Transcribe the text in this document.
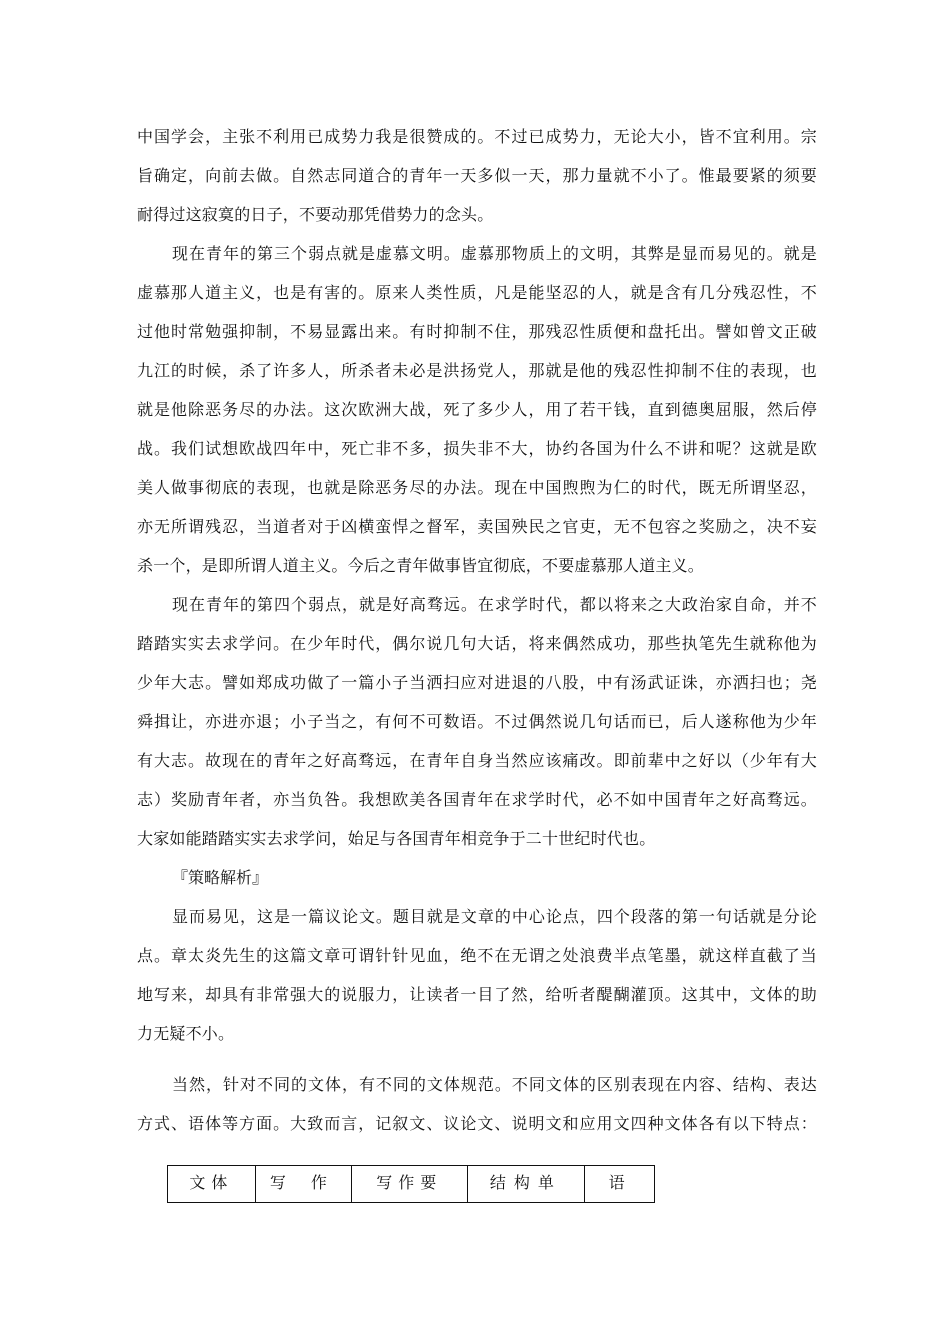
中国学会，主张不利用已成势力我是很赞成的。不过已成势力，无论大小，皆不宜利用。宗
旨确定，向前去做。自然志同道合的青年一天多似一天，那力量就不小了。惟最要紧的须要
耐得过这寂寞的日子，不要动那凭借势力的念头。
现在青年的第三个弱点就是虚慕文明。虚慕那物质上的文明，其弊是显而易见的。就是
虚慕那人道主义，也是有害的。原来人类性质，凡是能坚忍的人，就是含有几分残忍性，不
过他时常勉强抑制，不易显露出来。有时抑制不住，那残忍性质便和盘托出。譬如曾文正破
九江的时候，杀了许多人，所杀者未必是洪扬党人，那就是他的残忍性抑制不住的表现，也
就是他除恶务尽的办法。这次欧洲大战，死了多少人，用了若干钱，直到德奥屈服，然后停
战。我们试想欧战四年中，死亡非不多，损失非不大，协约各国为什么不讲和呢？这就是欧
美人做事彻底的表现，也就是除恶务尽的办法。现在中国煦煦为仁的时代，既无所谓坚忍，
亦无所谓残忍，当道者对于凶横蛮悍之督军，卖国殃民之官吏，无不包容之奖励之，决不妄
杀一个，是即所谓人道主义。今后之青年做事皆宜彻底，不要虚慕那人道主义。
现在青年的第四个弱点，就是好高骛远。在求学时代，都以将来之大政治家自命，并不
踏踏实实去求学问。在少年时代，偶尔说几句大话，将来偶然成功，那些执笔先生就称他为
少年大志。譬如郑成功做了一篇小子当洒扫应对进退的八股，中有汤武证诛，亦洒扫也；尧
舜揖让，亦进亦退；小子当之，有何不可数语。不过偶然说几句话而已，后人遂称他为少年
有大志。故现在的青年之好高骛远，在青年自身当然应该痛改。即前辈中之好以（少年有大
志）奖励青年者，亦当负咎。我想欧美各国青年在求学时代，必不如中国青年之好高骛远。
大家如能踏踏实实去求学问，始足与各国青年相竞争于二十世纪时代也。
『策略解析』
显而易见，这是一篇议论文。题目就是文章的中心论点，四个段落的第一句话就是分论
点。章太炎先生的这篇文章可谓针针见血，绝不在无谓之处浪费半点笔墨，就这样直截了当
地写来，却具有非常强大的说服力，让读者一目了然，给听者醍醐灌顶。这其中，文体的助
力无疑不小。
当然，针对不同的文体，有不同的文体规范。不同文体的区别表现在内容、结构、表达
方式、语体等方面。大致而言，记叙文、议论文、说明文和应用文四种文体各有以下特点：
文体	写 作	写作要	结构单	语
